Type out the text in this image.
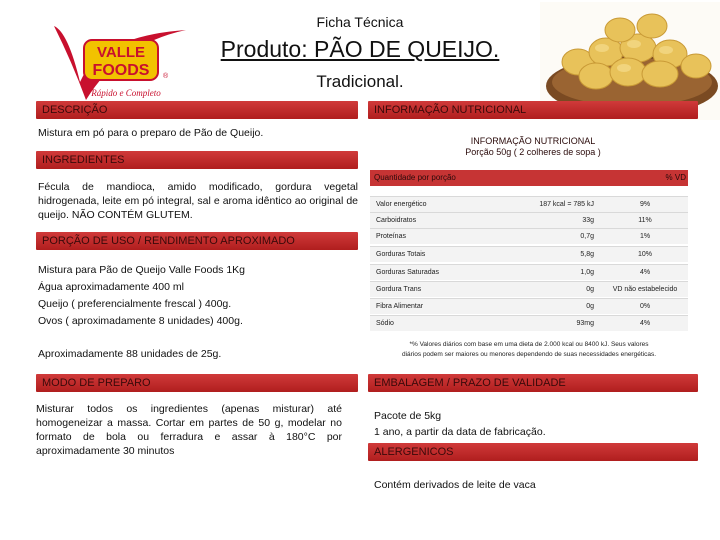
Ficha Técnica
Produto: PÃO DE QUEIJO.
Tradicional.
VALLE
FOODS ®
Rápido e Completo
DESCRIÇÃO
Mistura em pó para o preparo de Pão de Queijo.
INGREDIENTES
Fécula de mandioca, amido modificado, gordura vegetal hidrogenada, leite em pó integral, sal e aroma idêntico ao original de queijo. NÃO CONTÉM GLUTEM.
PORÇÃO DE USO / RENDIMENTO APROXIMADO
Mistura para Pão de Queijo Valle Foods 1Kg
Água aproximadamente 400 ml
Queijo ( preferencialmente frescal ) 400g.
Ovos ( aproximadamente 8 unidades) 400g.
Aproximadamente 88 unidades de 25g.
MODO DE PREPARO
Misturar todos os ingredientes (apenas misturar) até homogeneizar a massa. Cortar em partes de 50 g, modelar no formato de bola ou ferradura e assar à 180°C por aproximadamente 30 minutos
INFORMAÇÃO NUTRICIONAL
INFORMAÇÃO NUTRICIONAL
Porção 50g ( 2 colheres de sopa )
Quantidade por porção	% VD
Valor energético	187 kcal = 785 kJ	9%
Carboidratos	33g	11%
Proteínas	0,7g	1%
Gorduras Totais	5,8g	10%
Gorduras Saturadas	1,0g	4%
Gordura Trans	0g	VD não estabelecido
Fibra Alimentar	0g	0%
Sódio	93mg	4%
*% Valores diários com base em uma dieta de 2.000 kcal ou 8400 kJ. Seus valores
diários podem ser maiores ou menores dependendo de suas necessidades energéticas.
EMBALAGEM / PRAZO DE VALIDADE
Pacote de 5kg
1 ano, a partir da data de fabricação.
ALERGENICOS
Contém derivados de leite de vaca
